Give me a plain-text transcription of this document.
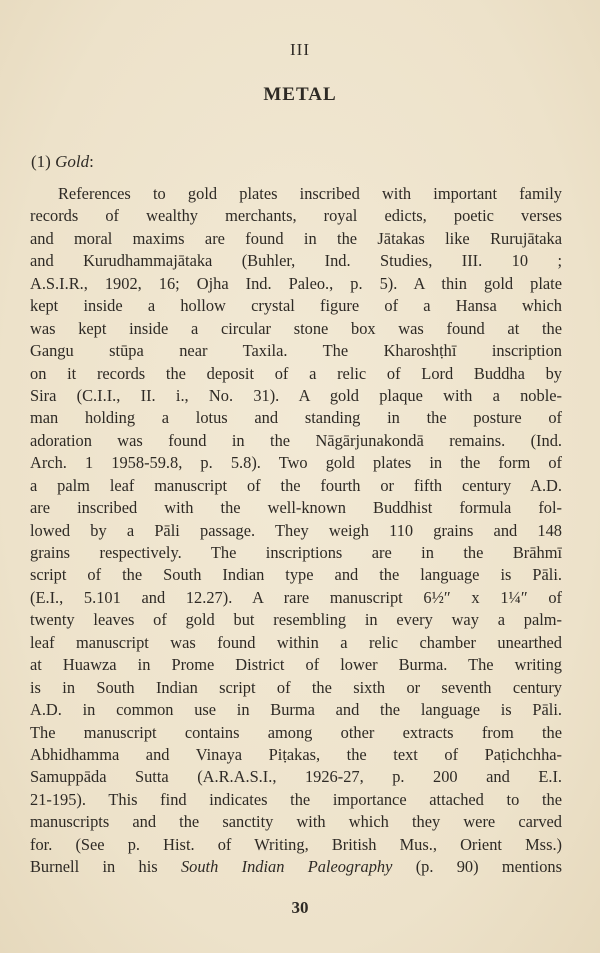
III
METAL
(1) Gold:
References to gold plates inscribed with important family
records of wealthy merchants, royal edicts, poetic verses
and moral maxims are found in the Jātakas like Rurujātaka
and Kurudhammajātaka (Buhler, Ind. Studies, III. 10 ;
A.S.I.R., 1902, 16; Ojha Ind. Paleo., p. 5). A thin gold plate
kept inside a hollow crystal figure of a Hansa which
was kept inside a circular stone box was found at the
Gangu stūpa near Taxila. The Kharoshṭhī inscription
on it records the deposit of a relic of Lord Buddha by
Sira (C.I.I., II. i., No. 31). A gold plaque with a noble-
man holding a lotus and standing in the posture of
adoration was found in the Nāgārjunakondā remains. (Ind.
Arch. 1 1958-59.8, p. 5.8). Two gold plates in the form of
a palm leaf manuscript of the fourth or fifth century A.D.
are inscribed with the well-known Buddhist formula fol-
lowed by a Pāli passage. They weigh 110 grains and 148
grains respectively. The inscriptions are in the Brāhmī
script of the South Indian type and the language is Pāli.
(E.I., 5.101 and 12.27). A rare manuscript 6½″ x 1¼″ of
twenty leaves of gold but resembling in every way a palm-
leaf manuscript was found within a relic chamber unearthed
at Huawza in Prome District of lower Burma. The writing
is in South Indian script of the sixth or seventh century
A.D. in common use in Burma and the language is Pāli.
The manuscript contains among other extracts from the
Abhidhamma and Vinaya Piṭakas, the text of Paṭichchha-
Samuppāda Sutta (A.R.A.S.I., 1926-27, p. 200 and E.I.
21-195). This find indicates the importance attached to the
manuscripts and the sanctity with which they were carved
for. (See p. Hist. of Writing, British Mus., Orient Mss.)
Burnell in his South Indian Paleography (p. 90) mentions
30
